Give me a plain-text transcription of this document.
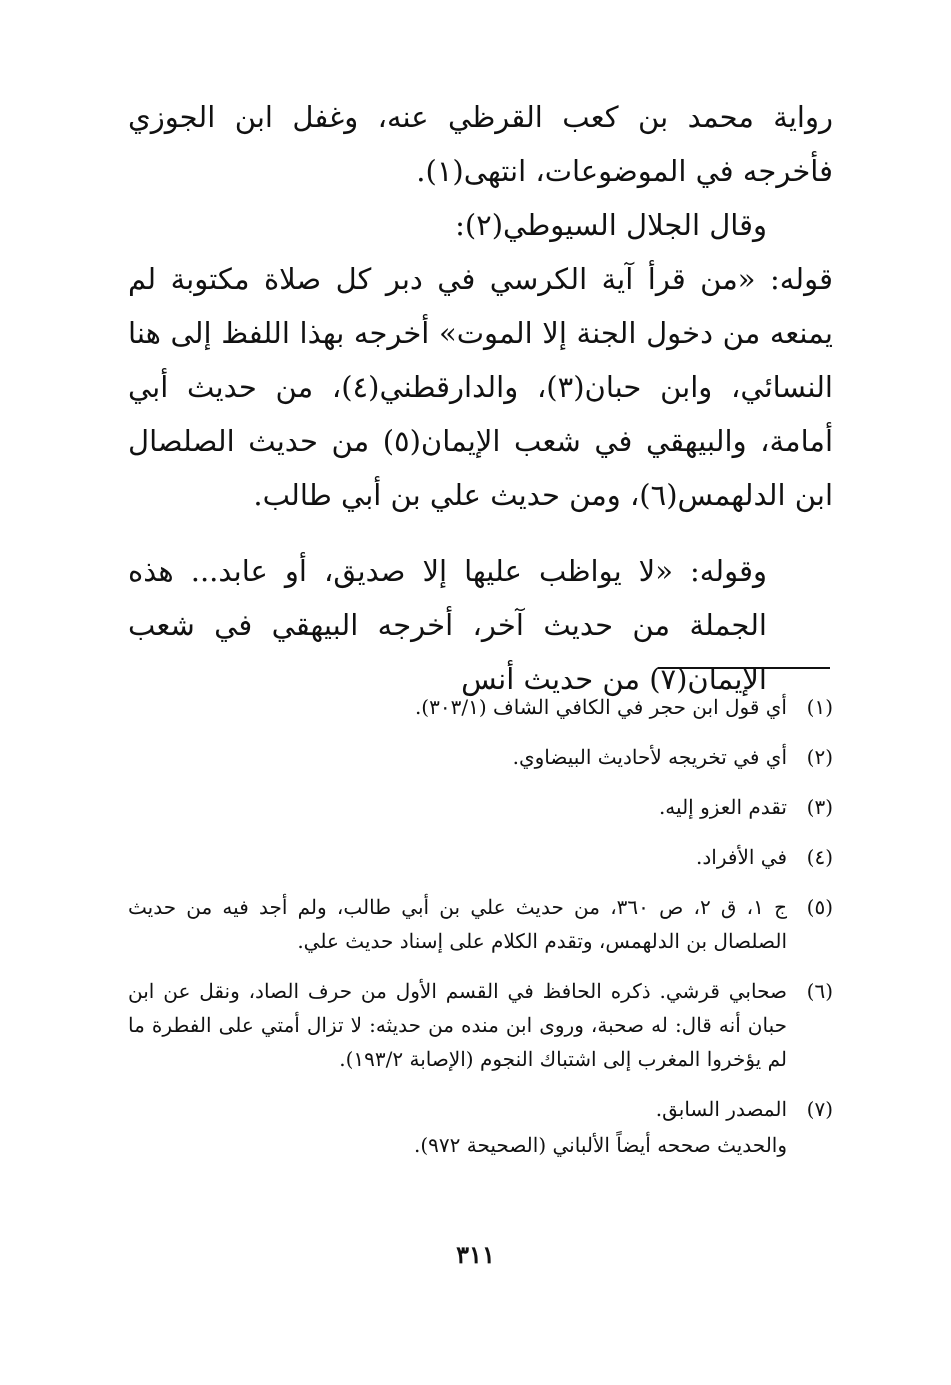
رواية محمد بن كعب القرظي عنه، وغفل ابن الجوزي فأخرجه في الموضوعات، انتهى(١).

وقال الجلال السيوطي(٢):

قوله: «من قرأ آية الكرسي في دبر كل صلاة مكتوبة لم يمنعه من دخول الجنة إلا الموت» أخرجه بهذا اللفظ إلى هنا النسائي، وابن حبان(٣)، والدارقطني(٤)، من حديث أبي أمامة، والبيهقي في شعب الإيمان(٥) من حديث الصلصال ابن الدلهمس(٦)، ومن حديث علي بن أبي طالب.

وقوله: «لا يواظب عليها إلا صديق، أو عابد... هذه الجملة من حديث آخر، أخرجه البيهقي في شعب الإيمان(٧) من حديث أنس

(١)
أي قول ابن حجر في الكافي الشاف (٣٠٣/١).
(٢)
أي في تخريجه لأحاديث البيضاوي.
(٣)
تقدم العزو إليه.
(٤)
في الأفراد.
(٥)
ج ١، ق ٢، ص ٣٦٠، من حديث علي بن أبي طالب، ولم أجد فيه من حديث الصلصال بن الدلهمس، وتقدم الكلام على إسناد حديث علي.
(٦)
صحابي قرشي. ذكره الحافظ في القسم الأول من حرف الصاد، ونقل عن ابن حبان أنه قال: له صحبة، وروى ابن منده من حديثه: لا تزال أمتي على الفطرة ما لم يؤخروا المغرب إلى اشتباك النجوم (الإصابة ١٩٣/٢).
(٧)
المصدر السابق.
والحديث صححه أيضاً الألباني (الصحيحة ٩٧٢).
٣١١
